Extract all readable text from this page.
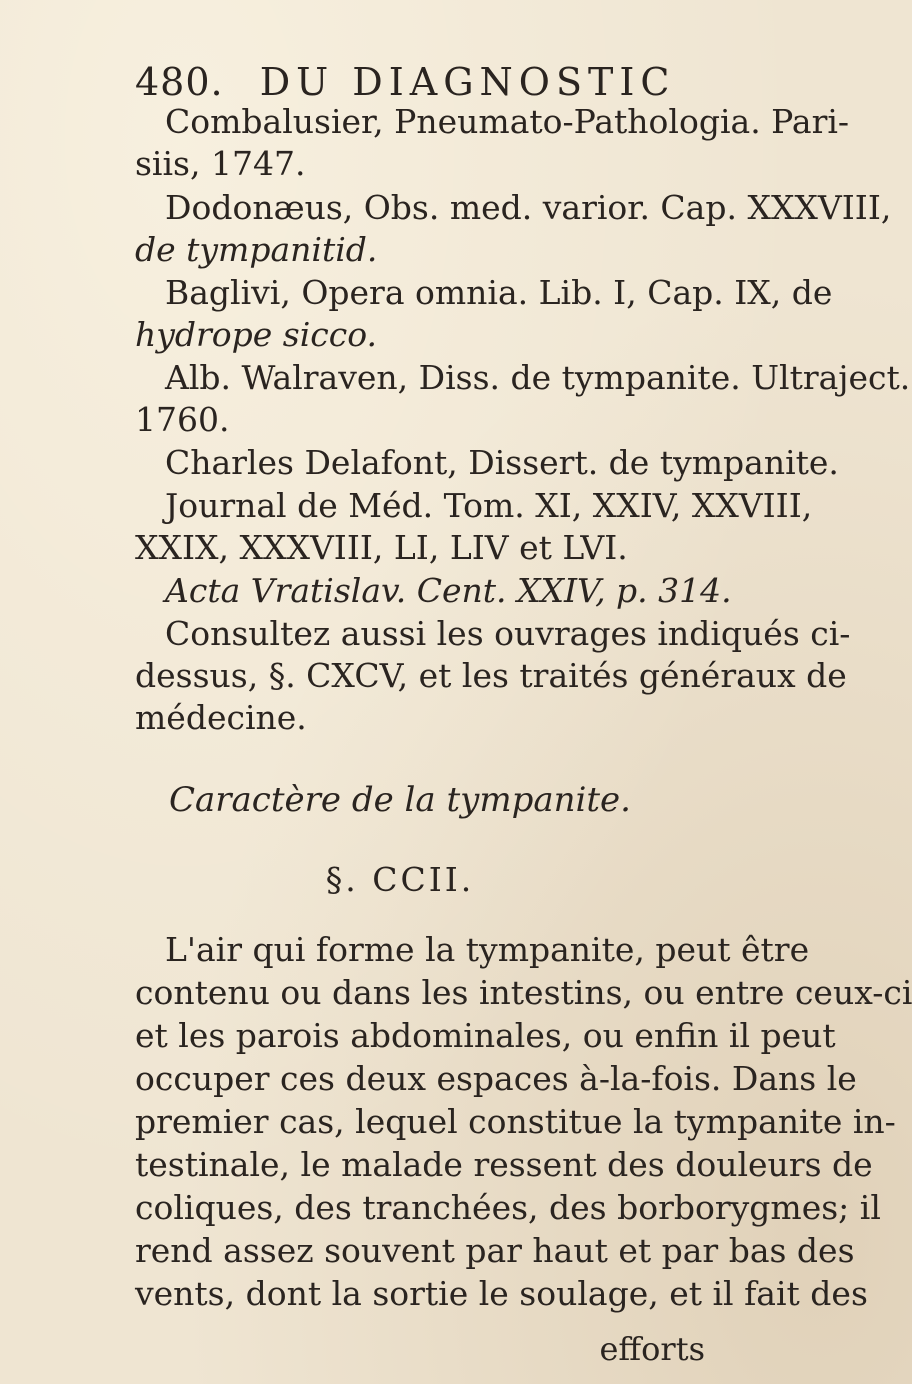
480. DU DIAGNOSTIC
Combalusier, Pneumato-Pathologia. Pari-
siis, 1747.
Dodonæus, Obs. med. varior. Cap. XXXVIII,
de tympanitid.
Baglivi, Opera omnia. Lib. I, Cap. IX, de
hydrope sicco.
Alb. Walraven, Diss. de tympanite. Ultraject.
1760.
Charles Delafont, Dissert. de tympanite.
Journal de Méd. Tom. XI, XXIV, XXVIII,
XXIX, XXXVIII, LI, LIV et LVI.
Acta Vratislav. Cent. XXIV, p. 314.
Consultez aussi les ouvrages indiqués ci-
dessus, §. CXCV, et les traités généraux de
médecine.
Caractère de la tympanite.
§. CCII.
L'air qui forme la tympanite, peut être
contenu ou dans les intestins, ou entre ceux-ci
et les parois abdominales, ou enfin il peut
occuper ces deux espaces à-la-fois. Dans le
premier cas, lequel constitue la tympanite in-
testinale, le malade ressent des douleurs de
coliques, des tranchées, des borborygmes; il
rend assez souvent par haut et par bas des
vents, dont la sortie le soulage, et il fait des
efforts
